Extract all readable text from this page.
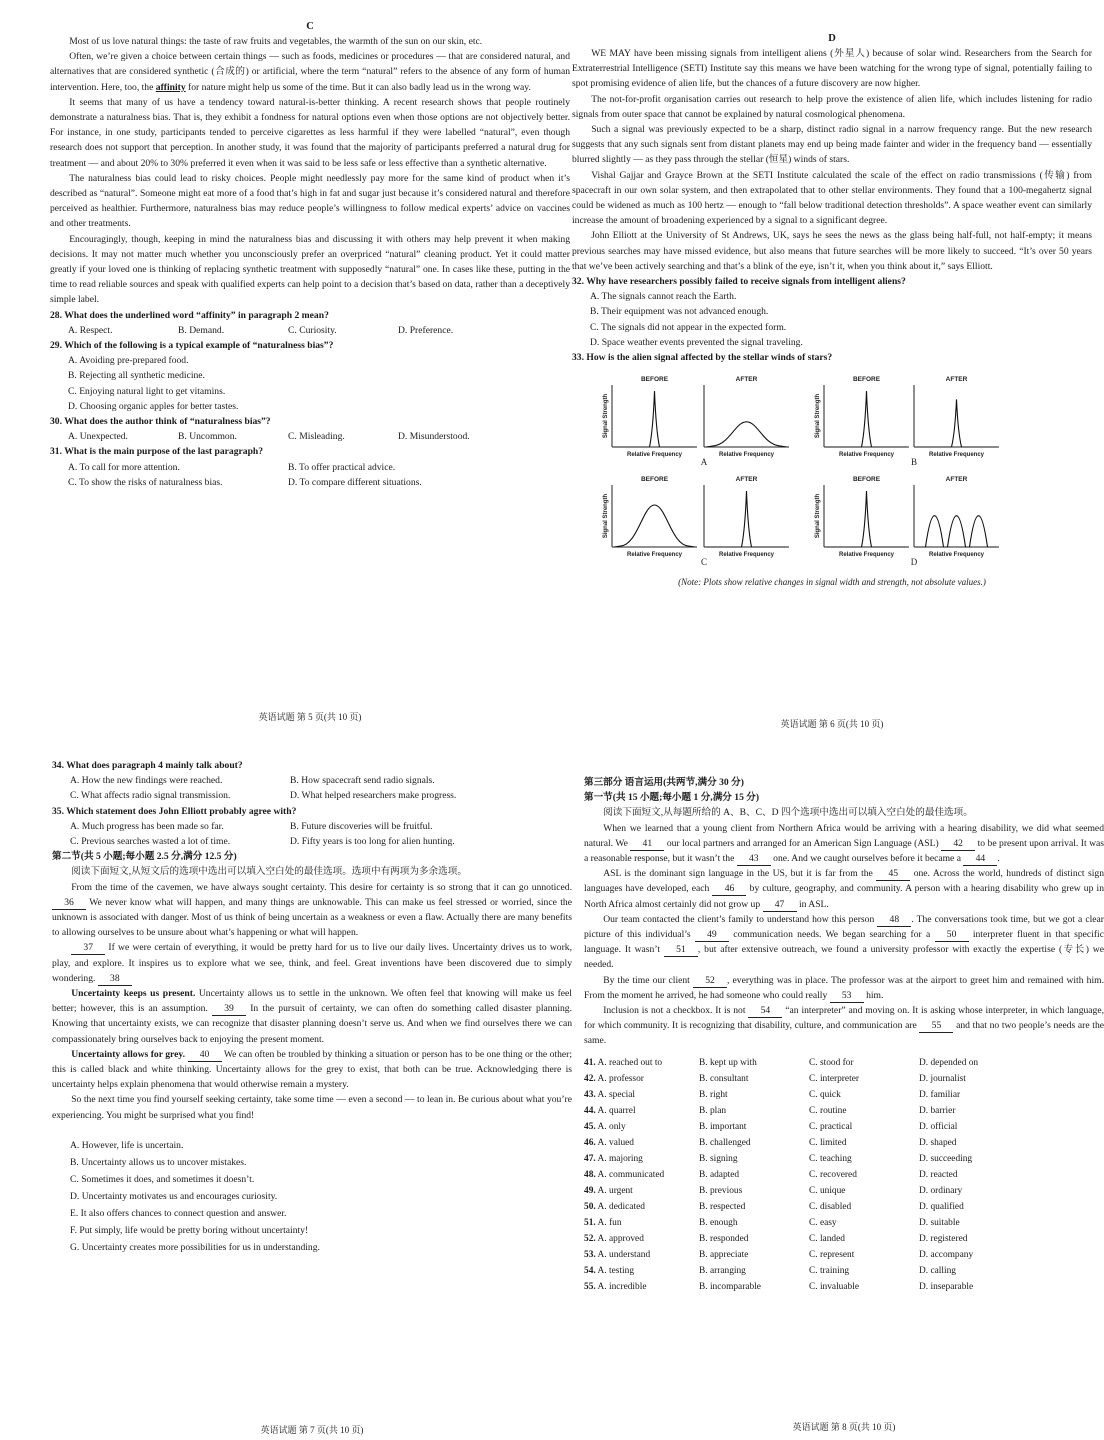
C
Most of us love natural things: the taste of raw fruits and vegetables, the warmth of the sun on our skin, etc.
Often, we’re given a choice between certain things — such as foods, medicines or procedures — that are considered natural, and alternatives that are considered synthetic (合成的) or artificial, where the term “natural” refers to the absence of any form of human intervention. Here, too, the affinity for nature might help us some of the time. But it can also badly lead us in the wrong way.
It seems that many of us have a tendency toward natural-is-better thinking. A recent research shows that people routinely demonstrate a naturalness bias. That is, they exhibit a fondness for natural options even when those options are not objectively better. For instance, in one study, participants tended to perceive cigarettes as less harmful if they were labelled “natural”, even though research does not support that perception. In another study, it was found that the majority of participants preferred a natural drug for treatment — and about 20% to 30% preferred it even when it was said to be less safe or less effective than a synthetic alternative.
The naturalness bias could lead to risky choices. People might needlessly pay more for the same kind of product when it’s described as “natural”. Someone might eat more of a food that’s high in fat and sugar just because it’s considered natural and therefore perceived as healthier. Furthermore, naturalness bias may reduce people’s willingness to follow medical experts’ advice on vaccines and other treatments.
Encouragingly, though, keeping in mind the naturalness bias and discussing it with others may help prevent it when making decisions. It may not matter much whether you unconsciously prefer an overpriced “natural” cleaning product. Yet it could matter greatly if your loved one is thinking of replacing synthetic treatment with supposedly “natural” one. In cases like these, putting in the time to read reliable sources and speak with qualified experts can help point to a decision that’s based on data, rather than a deceptively simple label.
28. What does the underlined word “affinity” in paragraph 2 mean?
A. Respect.	B. Demand.	C. Curiosity.	D. Preference.
29. Which of the following is a typical example of “naturalness bias”?
A. Avoiding pre-prepared food.
B. Rejecting all synthetic medicine.
C. Enjoying natural light to get vitamins.
D. Choosing organic apples for better tastes.
30. What does the author think of “naturalness bias”?
A. Unexpected.	B. Uncommon.	C. Misleading.	D. Misunderstood.
31. What is the main purpose of the last paragraph?
A. To call for more attention.	B. To offer practical advice.
C. To show the risks of naturalness bias.	D. To compare different situations.
英语试题 第 5 页(共 10 页)
D
WE MAY have been missing signals from intelligent aliens (外星人) because of solar wind. Researchers from the Search for Extraterrestrial Intelligence (SETI) Institute say this means we have been watching for the wrong type of signal, potentially failing to spot promising evidence of alien life, but the chances of a future discovery are now higher.
The not-for-profit organisation carries out research to help prove the existence of alien life, which includes listening for radio signals from outer space that cannot be explained by natural cosmological phenomena.
Such a signal was previously expected to be a sharp, distinct radio signal in a narrow frequency range. But the new research suggests that any such signals sent from distant planets may end up being made fainter and wider in the frequency band — essentially blurred slightly — as they pass through the stellar (恒星) winds of stars.
Vishal Gajjar and Grayce Brown at the SETI Institute calculated the scale of the effect on radio transmissions (传输) from spacecraft in our own solar system, and then extrapolated that to other stellar environments. They found that a 100-megahertz signal could be widened as much as 100 hertz — enough to “fall below traditional detection thresholds”. A space weather event can similarly increase the amount of broadening experienced by a signal to a significant degree.
John Elliott at the University of St Andrews, UK, says he sees the news as the glass being half-full, not half-empty; it means previous searches may have missed evidence, but also means that future searches will be more likely to succeed. “It’s over 50 years that we’ve been actively searching and that’s a blink of the eye, isn’t it, when you think about it,” says Elliott.
32. Why have researchers possibly failed to receive signals from intelligent aliens?
A. The signals cannot reach the Earth.
B. Their equipment was not advanced enough.
C. The signals did not appear in the expected form.
D. Space weather events prevented the signal traveling.
33. How is the alien signal affected by the stellar winds of stars?
BEFORE
Relative Frequency
Signal Strength
AFTER
Relative Frequency
BEFORE
Relative Frequency
Signal Strength
AFTER
Relative Frequency
BEFORE
Relative Frequency
Signal Strength
AFTER
Relative Frequency
BEFORE
Relative Frequency
Signal Strength
AFTER
Relative Frequency
A	B
C	D
(Note: Plots show relative changes in signal width and strength, not absolute values.)
英语试题 第 6 页(共 10 页)
34. What does paragraph 4 mainly talk about?
A. How the new findings were reached.	B. How spacecraft send radio signals.
C. What affects radio signal transmission.	D. What helped researchers make progress.
35. Which statement does John Elliott probably agree with?
A. Much progress has been made so far.	B. Future discoveries will be fruitful.
C. Previous searches wasted a lot of time.	D. Fifty years is too long for alien hunting.
第二节(共 5 小题;每小题 2.5 分,满分 12.5 分)
阅读下面短文,从短文后的选项中选出可以填入空白处的最佳选项。选项中有两项为多余选项。
From the time of the cavemen, we have always sought certainty. This desire for certainty is so strong that it can go unnoticed. 36 We never know what will happen, and many things are unknowable. This can make us feel stressed or worried, since the unknown is associated with danger. Most of us think of being uncertain as a weakness or even a flaw. Actually there are many benefits to allowing ourselves to be unsure about what’s happening or what will happen.
37 If we were certain of everything, it would be pretty hard for us to live our daily lives. Uncertainty drives us to work, play, and explore. It inspires us to explore what we see, think, and feel. Great inventions have been discovered due to simply wondering. 38
Uncertainty keeps us present. Uncertainty allows us to settle in the unknown. We often feel that knowing will make us feel better; however, this is an assumption. 39 In the pursuit of certainty, we can often do something called disaster planning. Knowing that uncertainty exists, we can recognize that disaster planning doesn’t serve us. And when we find ourselves there we can compassionately bring ourselves back to enjoying the present moment.
Uncertainty allows for grey. 40 We can often be troubled by thinking a situation or person has to be one thing or the other; this is called black and white thinking. Uncertainty allows for the grey to exist, that both can be true. Acknowledging there is uncertainty helps explain phenomena that would otherwise remain a mystery.
So the next time you find yourself seeking certainty, take some time — even a second — to lean in. Be curious about what you’re experiencing. You might be surprised what you find!
A. However, life is uncertain.
B. Uncertainty allows us to uncover mistakes.
C. Sometimes it does, and sometimes it doesn’t.
D. Uncertainty motivates us and encourages curiosity.
E. It also offers chances to connect question and answer.
F. Put simply, life would be pretty boring without uncertainty!
G. Uncertainty creates more possibilities for us in understanding.
英语试题 第 7 页(共 10 页)
第三部分 语言运用(共两节,满分 30 分)
第一节(共 15 小题;每小题 1 分,满分 15 分)
阅读下面短文,从每题所给的 A、B、C、D 四个选项中选出可以填入空白处的最佳选项。
When we learned that a young client from Northern Africa would be arriving with a hearing disability, we did what seemed natural. We 41 our local partners and arranged for an American Sign Language (ASL) 42 to be present upon arrival. It was a reasonable response, but it wasn’t the 43 one. And we caught ourselves before it became a 44 .
ASL is the dominant sign language in the US, but it is far from the 45 one. Across the world, hundreds of distinct sign languages have developed, each 46 by culture, geography, and community. A person with a hearing disability who grew up in North Africa almost certainly did not grow up 47 in ASL.
Our team contacted the client’s family to understand how this person 48 . The conversations took time, but we got a clear picture of this individual’s 49 communication needs. We began searching for a 50 interpreter fluent in that specific language. It wasn’t 51 , but after extensive outreach, we found a university professor with exactly the expertise (专长) we needed.
By the time our client 52 , everything was in place. The professor was at the airport to greet him and remained with him. From the moment he arrived, he had someone who could really 53 him.
Inclusion is not a checkbox. It is not 54 “an interpreter” and moving on. It is asking whose interpreter, in which language, for which community. It is recognizing that disability, culture, and communication are 55 and that no two people’s needs are the same.
41. A. reached out to	B. kept up with	C. stood for	D. depended on
42. A. professor	B. consultant	C. interpreter	D. journalist
43. A. special	B. right	C. quick	D. familiar
44. A. quarrel	B. plan	C. routine	D. barrier
45. A. only	B. important	C. practical	D. official
46. A. valued	B. challenged	C. limited	D. shaped
47. A. majoring	B. signing	C. teaching	D. succeeding
48. A. communicated	B. adapted	C. recovered	D. reacted
49. A. urgent	B. previous	C. unique	D. ordinary
50. A. dedicated	B. respected	C. disabled	D. qualified
51. A. fun	B. enough	C. easy	D. suitable
52. A. approved	B. responded	C. landed	D. registered
53. A. understand	B. appreciate	C. represent	D. accompany
54. A. testing	B. arranging	C. training	D. calling
55. A. incredible	B. incomparable	C. invaluable	D. inseparable
英语试题 第 8 页(共 10 页)
